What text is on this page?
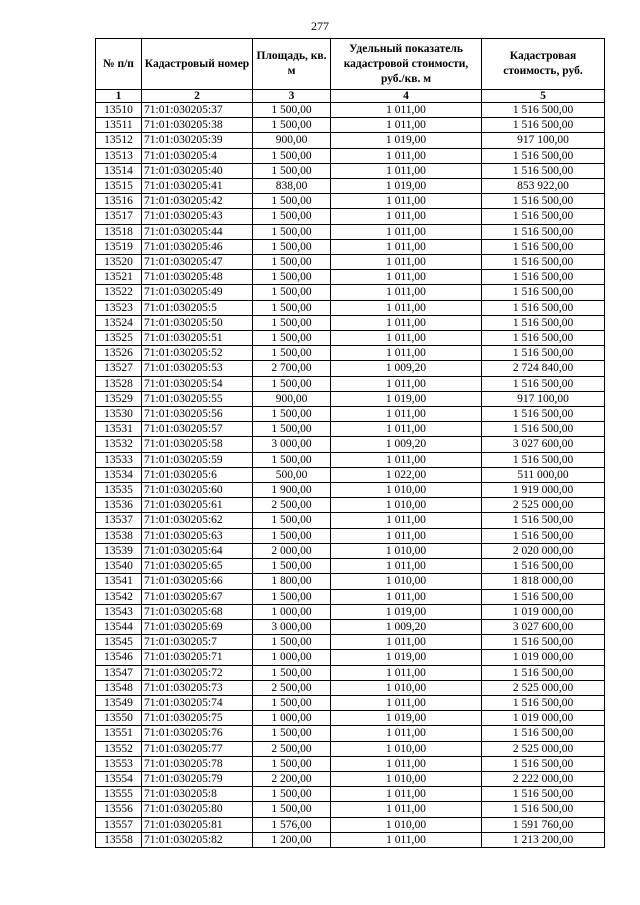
277
№ п/п	Кадастровый номер	Площадь, кв. м	Удельный показатель кадастровой стоимости, руб./кв. м	Кадастровая стоимость, руб.
1	2	3	4	5
13510	71:01:030205:37	1 500,00	1 011,00	1 516 500,00
13511	71:01:030205:38	1 500,00	1 011,00	1 516 500,00
13512	71:01:030205:39	900,00	1 019,00	917 100,00
13513	71:01:030205:4	1 500,00	1 011,00	1 516 500,00
13514	71:01:030205:40	1 500,00	1 011,00	1 516 500,00
13515	71:01:030205:41	838,00	1 019,00	853 922,00
13516	71:01:030205:42	1 500,00	1 011,00	1 516 500,00
13517	71:01:030205:43	1 500,00	1 011,00	1 516 500,00
13518	71:01:030205:44	1 500,00	1 011,00	1 516 500,00
13519	71:01:030205:46	1 500,00	1 011,00	1 516 500,00
13520	71:01:030205:47	1 500,00	1 011,00	1 516 500,00
13521	71:01:030205:48	1 500,00	1 011,00	1 516 500,00
13522	71:01:030205:49	1 500,00	1 011,00	1 516 500,00
13523	71:01:030205:5	1 500,00	1 011,00	1 516 500,00
13524	71:01:030205:50	1 500,00	1 011,00	1 516 500,00
13525	71:01:030205:51	1 500,00	1 011,00	1 516 500,00
13526	71:01:030205:52	1 500,00	1 011,00	1 516 500,00
13527	71:01:030205:53	2 700,00	1 009,20	2 724 840,00
13528	71:01:030205:54	1 500,00	1 011,00	1 516 500,00
13529	71:01:030205:55	900,00	1 019,00	917 100,00
13530	71:01:030205:56	1 500,00	1 011,00	1 516 500,00
13531	71:01:030205:57	1 500,00	1 011,00	1 516 500,00
13532	71:01:030205:58	3 000,00	1 009,20	3 027 600,00
13533	71:01:030205:59	1 500,00	1 011,00	1 516 500,00
13534	71:01:030205:6	500,00	1 022,00	511 000,00
13535	71:01:030205:60	1 900,00	1 010,00	1 919 000,00
13536	71:01:030205:61	2 500,00	1 010,00	2 525 000,00
13537	71:01:030205:62	1 500,00	1 011,00	1 516 500,00
13538	71:01:030205:63	1 500,00	1 011,00	1 516 500,00
13539	71:01:030205:64	2 000,00	1 010,00	2 020 000,00
13540	71:01:030205:65	1 500,00	1 011,00	1 516 500,00
13541	71:01:030205:66	1 800,00	1 010,00	1 818 000,00
13542	71:01:030205:67	1 500,00	1 011,00	1 516 500,00
13543	71:01:030205:68	1 000,00	1 019,00	1 019 000,00
13544	71:01:030205:69	3 000,00	1 009,20	3 027 600,00
13545	71:01:030205:7	1 500,00	1 011,00	1 516 500,00
13546	71:01:030205:71	1 000,00	1 019,00	1 019 000,00
13547	71:01:030205:72	1 500,00	1 011,00	1 516 500,00
13548	71:01:030205:73	2 500,00	1 010,00	2 525 000,00
13549	71:01:030205:74	1 500,00	1 011,00	1 516 500,00
13550	71:01:030205:75	1 000,00	1 019,00	1 019 000,00
13551	71:01:030205:76	1 500,00	1 011,00	1 516 500,00
13552	71:01:030205:77	2 500,00	1 010,00	2 525 000,00
13553	71:01:030205:78	1 500,00	1 011,00	1 516 500,00
13554	71:01:030205:79	2 200,00	1 010,00	2 222 000,00
13555	71:01:030205:8	1 500,00	1 011,00	1 516 500,00
13556	71:01:030205:80	1 500,00	1 011,00	1 516 500,00
13557	71:01:030205:81	1 576,00	1 010,00	1 591 760,00
13558	71:01:030205:82	1 200,00	1 011,00	1 213 200,00
